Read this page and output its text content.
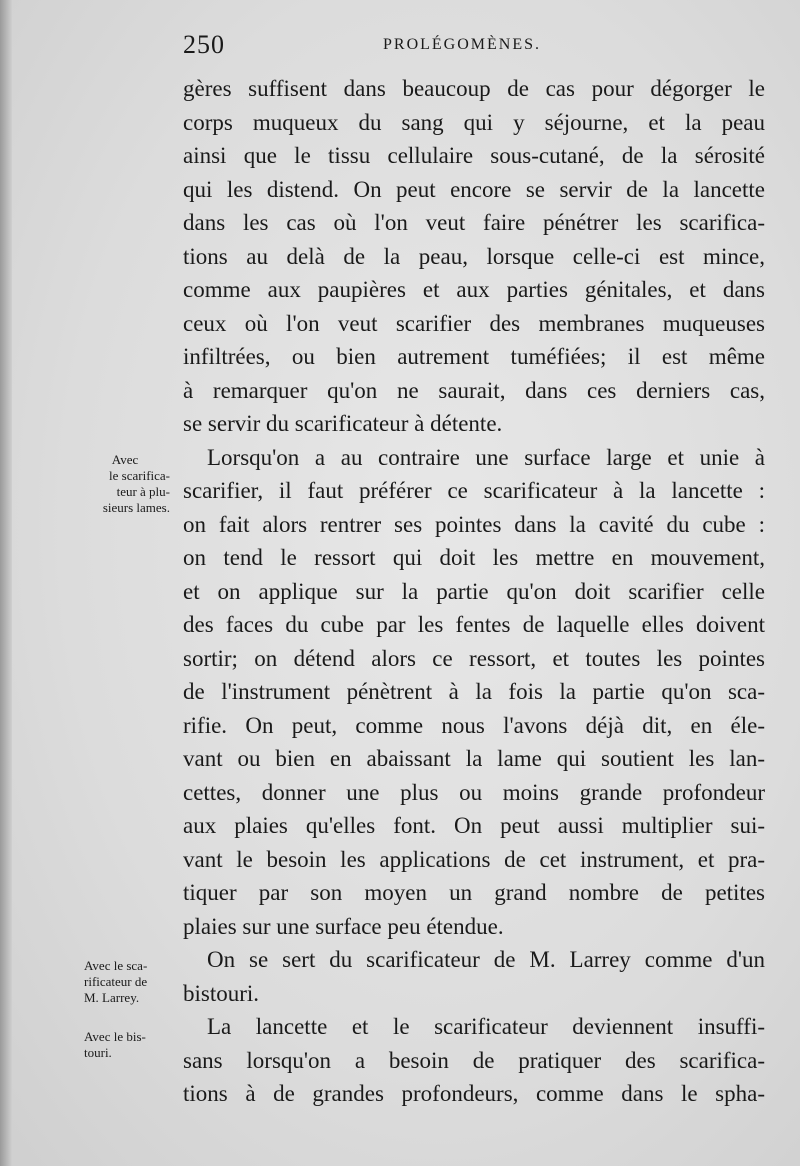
250	PROLÉGOMÈNES.
gères suffisent dans beaucoup de cas pour dégorger le
corps muqueux du sang qui y séjourne, et la peau
ainsi que le tissu cellulaire sous-cutané, de la sérosité
qui les distend. On peut encore se servir de la lancette
dans les cas où l'on veut faire pénétrer les scarifica-
tions au delà de la peau, lorsque celle-ci est mince,
comme aux paupières et aux parties génitales, et dans
ceux où l'on veut scarifier des membranes muqueuses
infiltrées, ou bien autrement tuméfiées; il est même
à remarquer qu'on ne saurait, dans ces derniers cas,
se servir du scarificateur à détente.
Lorsqu'on a au contraire une surface large et unie à
scarifier, il faut préférer ce scarificateur à la lancette :
on fait alors rentrer ses pointes dans la cavité du cube :
on tend le ressort qui doit les mettre en mouvement,
et on applique sur la partie qu'on doit scarifier celle
des faces du cube par les fentes de laquelle elles doivent
sortir; on détend alors ce ressort, et toutes les pointes
de l'instrument pénètrent à la fois la partie qu'on sca-
rifie. On peut, comme nous l'avons déjà dit, en éle-
vant ou bien en abaissant la lame qui soutient les lan-
cettes, donner une plus ou moins grande profondeur
aux plaies qu'elles font. On peut aussi multiplier sui-
vant le besoin les applications de cet instrument, et pra-
tiquer par son moyen un grand nombre de petites
plaies sur une surface peu étendue.
On se sert du scarificateur de M. Larrey comme d'un
bistouri.
La lancette et le scarificateur deviennent insuffi-
sans lorsqu'on a besoin de pratiquer des scarifica-
tions à de grandes profondeurs, comme dans le spha-
Avec
le scarifica-
teur à plu-
sieurs lames.
Avec le sca-
rificateur de
M. Larrey.
Avec le bis-
touri.
